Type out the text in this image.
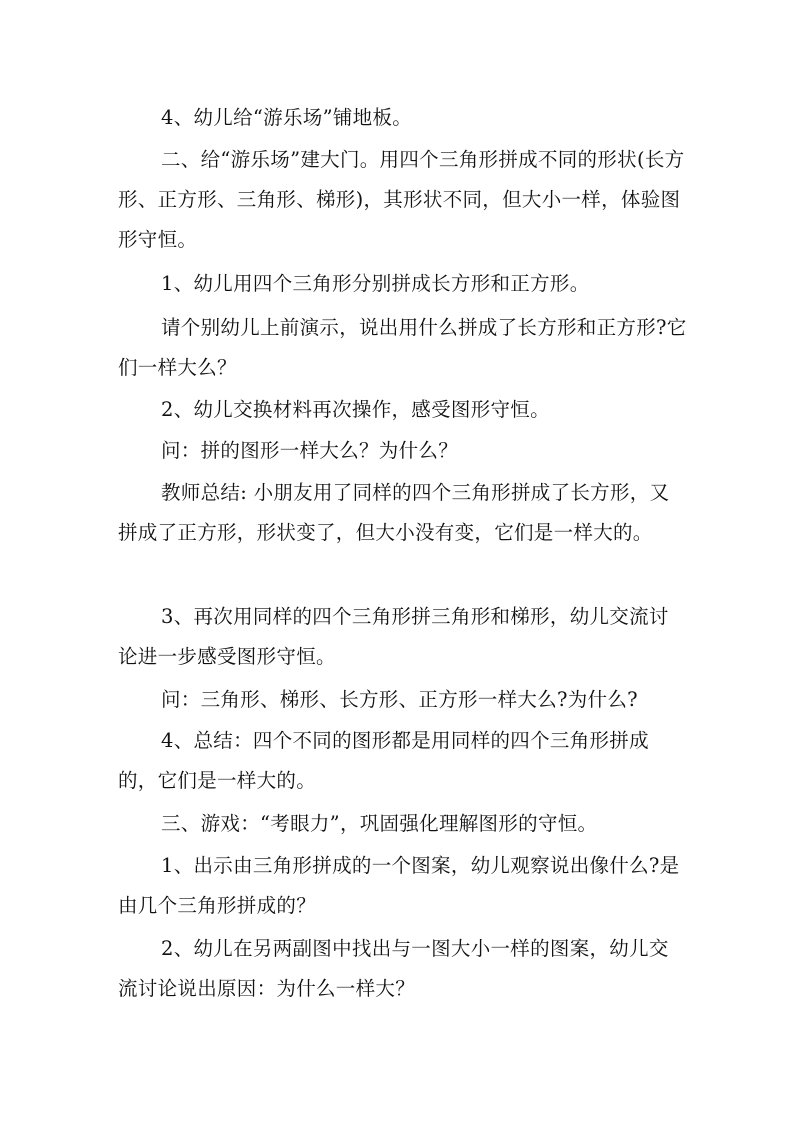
4、幼儿给“游乐场”铺地板。

二、给“游乐场”建大门。用四个三角形拼成不同的形状(长方形、正方形、三角形、梯形)，其形状不同，但大小一样，体验图形守恒。

1、幼儿用四个三角形分别拼成长方形和正方形。

请个别幼儿上前演示，说出用什么拼成了长方形和正方形?它们一样大么？

2、幼儿交换材料再次操作，感受图形守恒。

问：拼的图形一样大么？为什么？

教师总结: 小朋友用了同样的四个三角形拼成了长方形，又拼成了正方形，形状变了，但大小没有变，它们是一样大的。

3、再次用同样的四个三角形拼三角形和梯形，幼儿交流讨论进一步感受图形守恒。

问：三角形、梯形、长方形、正方形一样大么?为什么?

4、总结：四个不同的图形都是用同样的四个三角形拼成的，它们是一样大的。

三、游戏：“考眼力”，巩固强化理解图形的守恒。

1、出示由三角形拼成的一个图案，幼儿观察说出像什么?是由几个三角形拼成的？

2、幼儿在另两副图中找出与一图大小一样的图案，幼儿交流讨论说出原因：为什么一样大？
